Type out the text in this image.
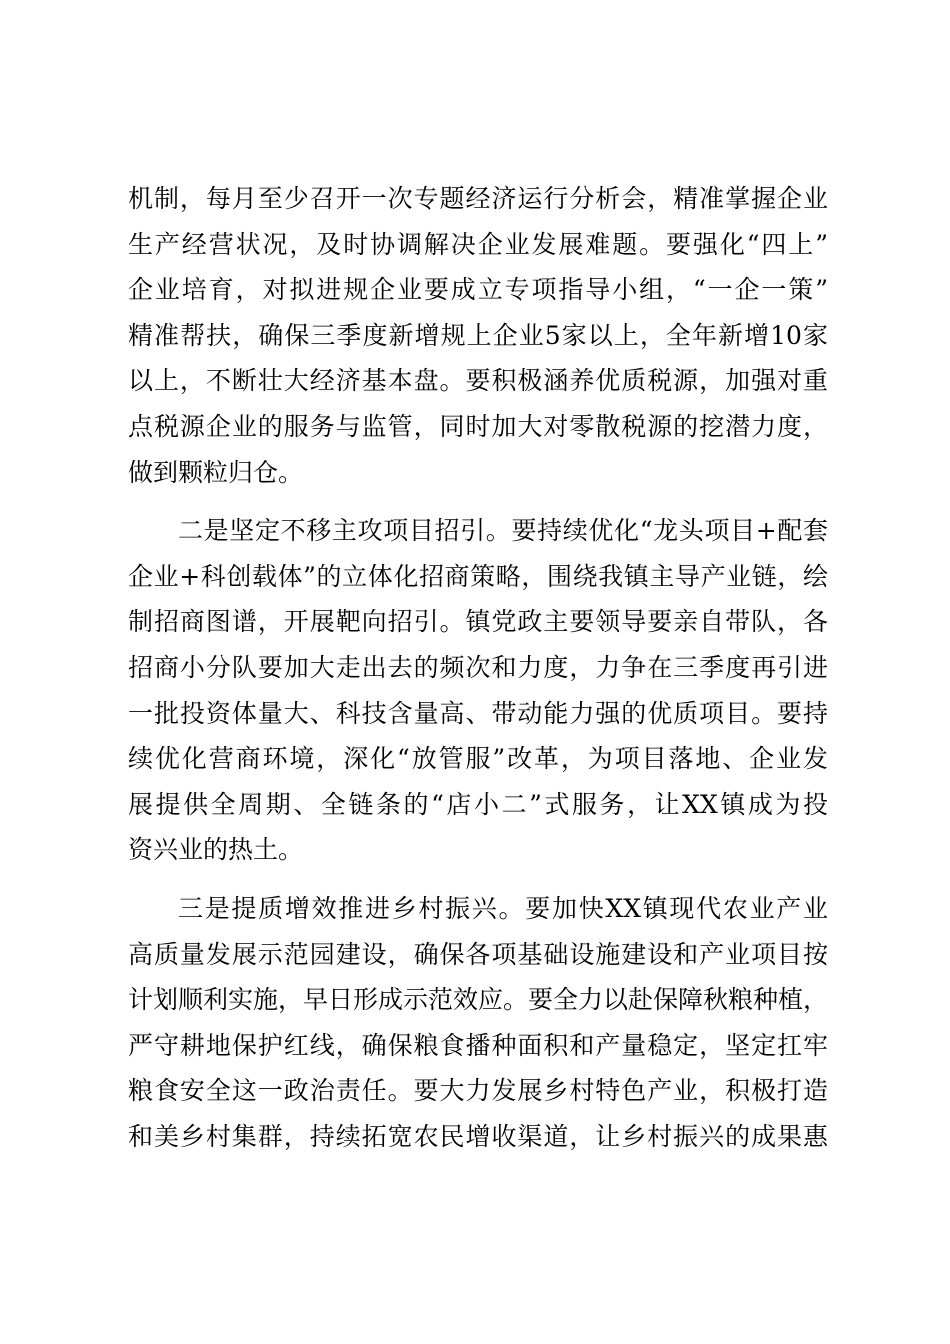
机制，每月至少召开一次专题经济运行分析会，精准掌握企业
生产经营状况，及时协调解决企业发展难题。要强化“四上”
企业培育，对拟进规企业要成立专项指导小组，“一企一策”
精准帮扶，确保三季度新增规上企业5家以上，全年新增10家
以上，不断壮大经济基本盘。要积极涵养优质税源，加强对重
点税源企业的服务与监管，同时加大对零散税源的挖潜力度，
做到颗粒归仓。
二是坚定不移主攻项目招引。要持续优化“龙头项目+配套
企业+科创载体”的立体化招商策略，围绕我镇主导产业链，绘
制招商图谱，开展靶向招引。镇党政主要领导要亲自带队，各
招商小分队要加大走出去的频次和力度，力争在三季度再引进
一批投资体量大、科技含量高、带动能力强的优质项目。要持
续优化营商环境，深化“放管服”改革，为项目落地、企业发
展提供全周期、全链条的“店小二”式服务，让XX镇成为投
资兴业的热土。
三是提质增效推进乡村振兴。要加快XX镇现代农业产业
高质量发展示范园建设，确保各项基础设施建设和产业项目按
计划顺利实施，早日形成示范效应。要全力以赴保障秋粮种植，
严守耕地保护红线，确保粮食播种面积和产量稳定，坚定扛牢
粮食安全这一政治责任。要大力发展乡村特色产业，积极打造
和美乡村集群，持续拓宽农民增收渠道，让乡村振兴的成果惠
